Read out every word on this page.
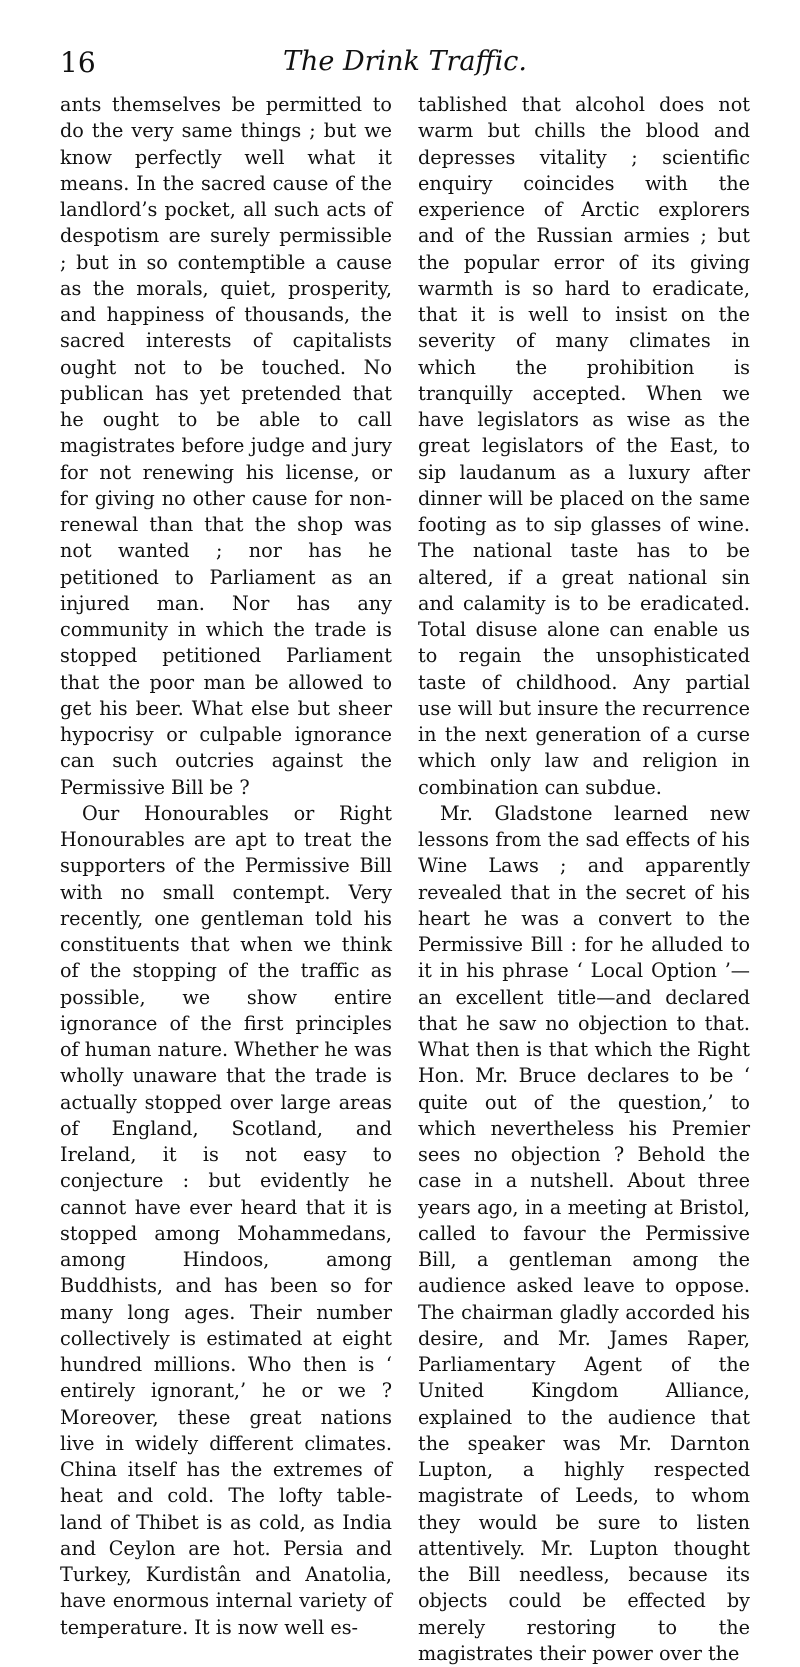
16	The Drink Traffic.

ants themselves be permitted to do the very same things ; but we know perfectly well what it means. In the sacred cause of the landlord’s pocket, all such acts of despotism are surely permissible ; but in so contemptible a cause as the morals, quiet, prosperity, and happiness of thousands, the sacred interests of capitalists ought not to be touched. No publican has yet pretended that he ought to be able to call magistrates before judge and jury for not renewing his license, or for giving no other cause for non-renewal than that the shop was not wanted ; nor has he petitioned to Parliament as an injured man. Nor has any community in which the trade is stopped petitioned Parliament that the poor man be allowed to get his beer. What else but sheer hypocrisy or culpable ignorance can such outcries against the Permissive Bill be ?

Our Honourables or Right Honourables are apt to treat the supporters of the Permissive Bill with no small contempt. Very recently, one gentleman told his constituents that when we think of the stopping of the traffic as possible, we show entire ignorance of the first principles of human nature. Whether he was wholly unaware that the trade is actually stopped over large areas of England, Scotland, and Ireland, it is not easy to conjecture : but evidently he cannot have ever heard that it is stopped among Mohammedans, among Hindoos, among Buddhists, and has been so for many long ages. Their number collectively is estimated at eight hundred millions. Who then is ‘ entirely ignorant,’ he or we ? Moreover, these great nations live in widely different climates. China itself has the extremes of heat and cold. The lofty table-land of Thibet is as cold, as India and Ceylon are hot. Persia and Turkey, Kurdistân and Anatolia, have enormous internal variety of temperature. It is now well es-

tablished that alcohol does not warm but chills the blood and depresses vitality ; scientific enquiry coincides with the experience of Arctic explorers and of the Russian armies ; but the popular error of its giving warmth is so hard to eradicate, that it is well to insist on the severity of many climates in which the prohibition is tranquilly accepted. When we have legislators as wise as the great legislators of the East, to sip laudanum as a luxury after dinner will be placed on the same footing as to sip glasses of wine. The national taste has to be altered, if a great national sin and calamity is to be eradicated. Total disuse alone can enable us to regain the unsophisticated taste of childhood. Any partial use will but insure the recurrence in the next generation of a curse which only law and religion in combination can subdue.

Mr. Gladstone learned new lessons from the sad effects of his Wine Laws ; and apparently revealed that in the secret of his heart he was a convert to the Permissive Bill : for he alluded to it in his phrase ‘ Local Option ’—an excellent title—and declared that he saw no objection to that. What then is that which the Right Hon. Mr. Bruce declares to be ‘ quite out of the question,’ to which nevertheless his Premier sees no objection ? Behold the case in a nutshell. About three years ago, in a meeting at Bristol, called to favour the Permissive Bill, a gentleman among the audience asked leave to oppose. The chairman gladly accorded his desire, and Mr. James Raper, Parliamentary Agent of the United Kingdom Alliance, explained to the audience that the speaker was Mr. Darnton Lupton, a highly respected magistrate of Leeds, to whom they would be sure to listen attentively. Mr. Lupton thought the Bill needless, because its objects could be effected by merely restoring to the magistrates their power over the
